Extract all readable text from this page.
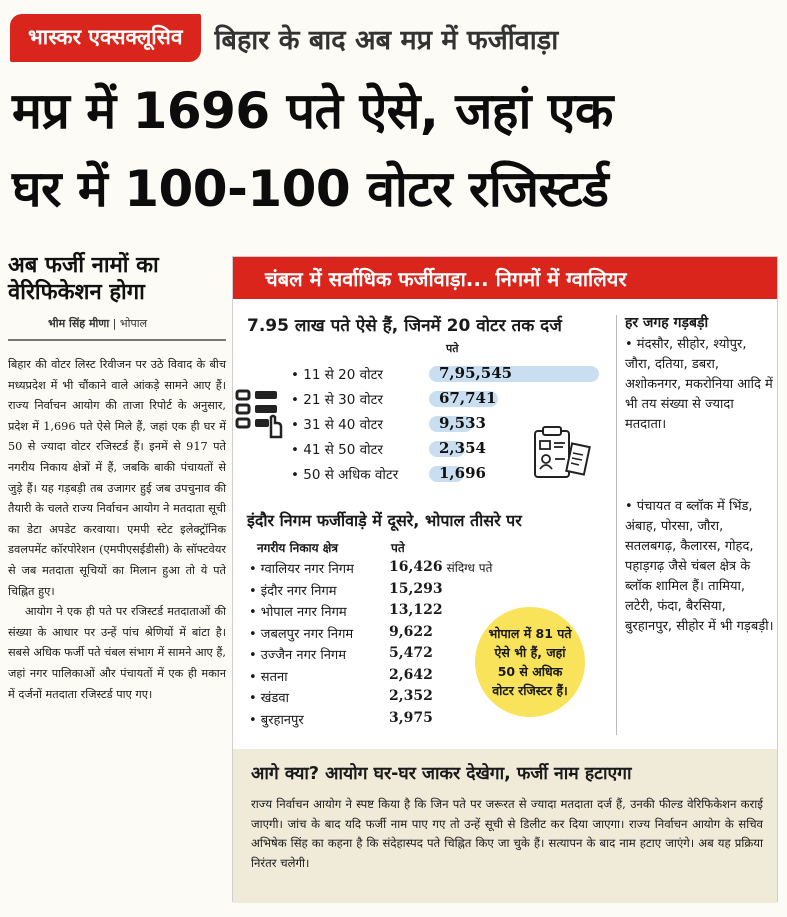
भास्कर एक्सक्लूसिव	बिहार के बाद अब मप्र में फर्जीवाड़ा
मप्र में 1696 पते ऐसे, जहां एक
घर में 100-100 वोटर रजिस्टर्ड
अब फर्जी नामों का
वेरिफिकेशन होगा
भीम सिंह मीणा | भोपाल

बिहार की वोटर लिस्ट रिवीजन पर उठे विवाद के बीच मध्यप्रदेश में भी चौंकाने वाले आंकड़े सामने आए हैं। राज्य निर्वाचन आयोग की ताजा रिपोर्ट के अनुसार, प्रदेश में 1,696 पते ऐसे मिले हैं, जहां एक ही घर में 50 से ज्यादा वोटर रजिस्टर्ड हैं। इनमें से 917 पते नगरीय निकाय क्षेत्रों में हैं, जबकि बाकी पंचायतों से जुड़े हैं। यह गड़बड़ी तब उजागर हुई जब उपचुनाव की तैयारी के चलते राज्य निर्वाचन आयोग ने मतदाता सूची का डेटा अपडेट करवाया। एमपी स्टेट इलेक्ट्रॉनिक डवलपमेंट कॉरपोरेशन (एमपीएसईडीसी) के सॉफ्टवेयर से जब मतदाता सूचियों का मिलान हुआ तो ये पते चिह्नित हुए।

आयोग ने एक ही पते पर रजिस्टर्ड मतदाताओं की संख्या के आधार पर उन्हें पांच श्रेणियों में बांटा है। सबसे अधिक फर्जी पते चंबल संभाग में सामने आए हैं, जहां नगर पालिकाओं और पंचायतों में एक ही मकान में दर्जनों मतदाता रजिस्टर्ड पाए गए।

चंबल में सर्वाधिक फर्जीवाड़ा... निगमों में ग्वालियर
7.95 लाख पते ऐसे हैं, जिनमें 20 वोटर तक दर्ज
पते
• 11 से 20 वोटर	7,95,545
• 21 से 30 वोटर	67,741
• 31 से 40 वोटर	9,533
• 41 से 50 वोटर	2,354
• 50 से अधिक वोटर	1,696
हर जगह गड़बड़ी
• मंदसौर, सीहोर, श्योपुर, जौरा, दतिया, डबरा, अशोकनगर, मकरोनिया आदि में भी तय संख्या से ज्यादा मतदाता।
• पंचायत व ब्लॉक में भिंड, अंबाह, पोरसा, जौरा, सतलबगढ़, कैलारस, गोहद, पहाड़गढ़ जैसे चंबल क्षेत्र के ब्लॉक शामिल हैं। तामिया, लटेरी, फंदा, बैरसिया, बुरहानपुर, सीहोर में भी गड़बड़ी।
इंदौर निगम फर्जीवाड़े में दूसरे, भोपाल तीसरे पर
नगरीय निकाय क्षेत्र	पते
• ग्वालियर नगर निगम	16,426 संदिग्ध पते
• इंदौर नगर निगम	15,293
• भोपाल नगर निगम	13,122
• जबलपुर नगर निगम	9,622
• उज्जैन नगर निगम	5,472
• सतना	2,642
• खंडवा	2,352
• बुरहानपुर	3,975
भोपाल में 81 पते ऐसे भी हैं, जहां 50 से अधिक वोटर रजिस्टर हैं।
आगे क्या? आयोग घर-घर जाकर देखेगा, फर्जी नाम हटाएगा
राज्य निर्वाचन आयोग ने स्पष्ट किया है कि जिन पते पर जरूरत से ज्यादा मतदाता दर्ज हैं, उनकी फील्ड वेरिफिकेशन कराई जाएगी। जांच के बाद यदि फर्जी नाम पाए गए तो उन्हें सूची से डिलीट कर दिया जाएगा। राज्य निर्वाचन आयोग के सचिव अभिषेक सिंह का कहना है कि संदेहास्पद पते चिह्नित किए जा चुके हैं। सत्यापन के बाद नाम हटाए जाएंगे। अब यह प्रक्रिया निरंतर चलेगी।
